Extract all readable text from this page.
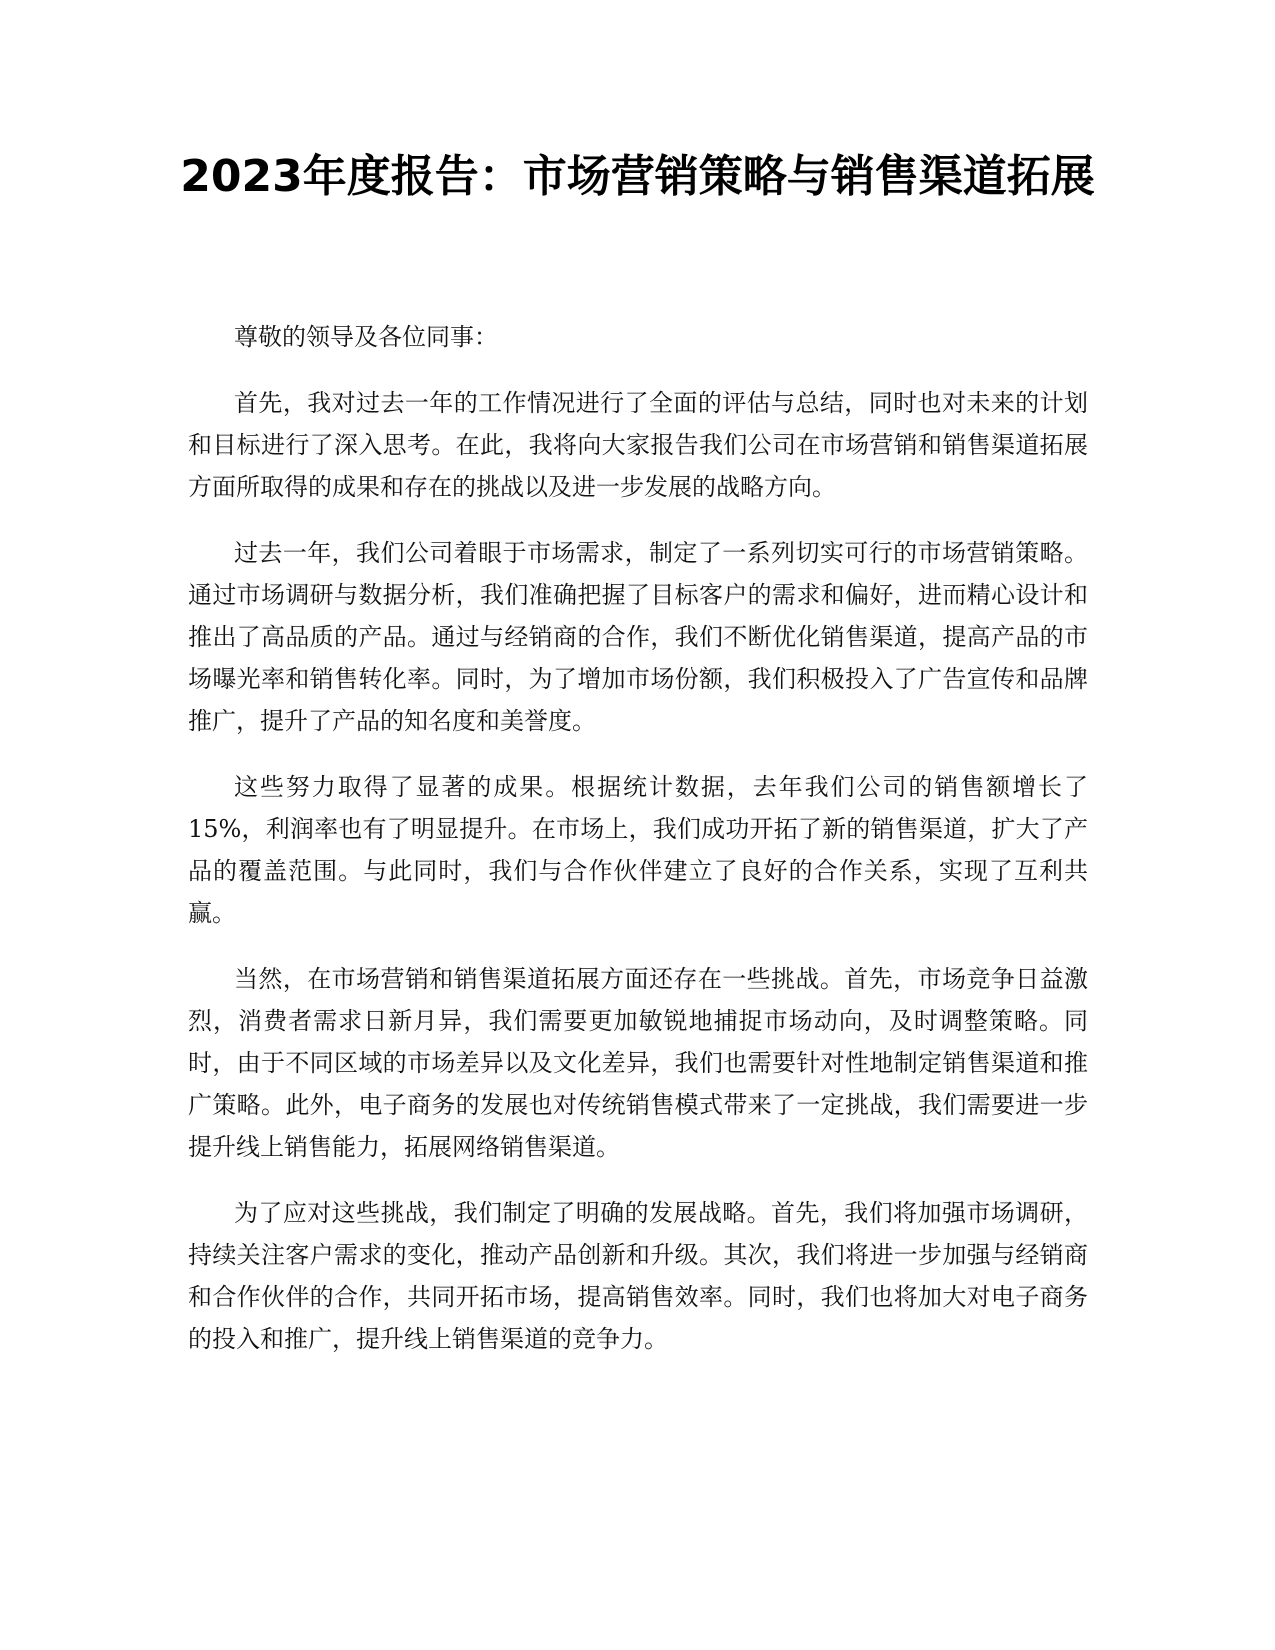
2023年度报告：市场营销策略与销售渠道拓展

尊敬的领导及各位同事：

首先，我对过去一年的工作情况进行了全面的评估与总结，同时也对未来的计划和目标进行了深入思考。在此，我将向大家报告我们公司在市场营销和销售渠道拓展方面所取得的成果和存在的挑战以及进一步发展的战略方向。

过去一年，我们公司着眼于市场需求，制定了一系列切实可行的市场营销策略。通过市场调研与数据分析，我们准确把握了目标客户的需求和偏好，进而精心设计和推出了高品质的产品。通过与经销商的合作，我们不断优化销售渠道，提高产品的市场曝光率和销售转化率。同时，为了增加市场份额，我们积极投入了广告宣传和品牌推广，提升了产品的知名度和美誉度。

这些努力取得了显著的成果。根据统计数据，去年我们公司的销售额增长了15%，利润率也有了明显提升。在市场上，我们成功开拓了新的销售渠道，扩大了产品的覆盖范围。与此同时，我们与合作伙伴建立了良好的合作关系，实现了互利共赢。

当然，在市场营销和销售渠道拓展方面还存在一些挑战。首先，市场竞争日益激烈，消费者需求日新月异，我们需要更加敏锐地捕捉市场动向，及时调整策略。同时，由于不同区域的市场差异以及文化差异，我们也需要针对性地制定销售渠道和推广策略。此外，电子商务的发展也对传统销售模式带来了一定挑战，我们需要进一步提升线上销售能力，拓展网络销售渠道。

为了应对这些挑战，我们制定了明确的发展战略。首先，我们将加强市场调研，持续关注客户需求的变化，推动产品创新和升级。其次，我们将进一步加强与经销商和合作伙伴的合作，共同开拓市场，提高销售效率。同时，我们也将加大对电子商务的投入和推广，提升线上销售渠道的竞争力。
